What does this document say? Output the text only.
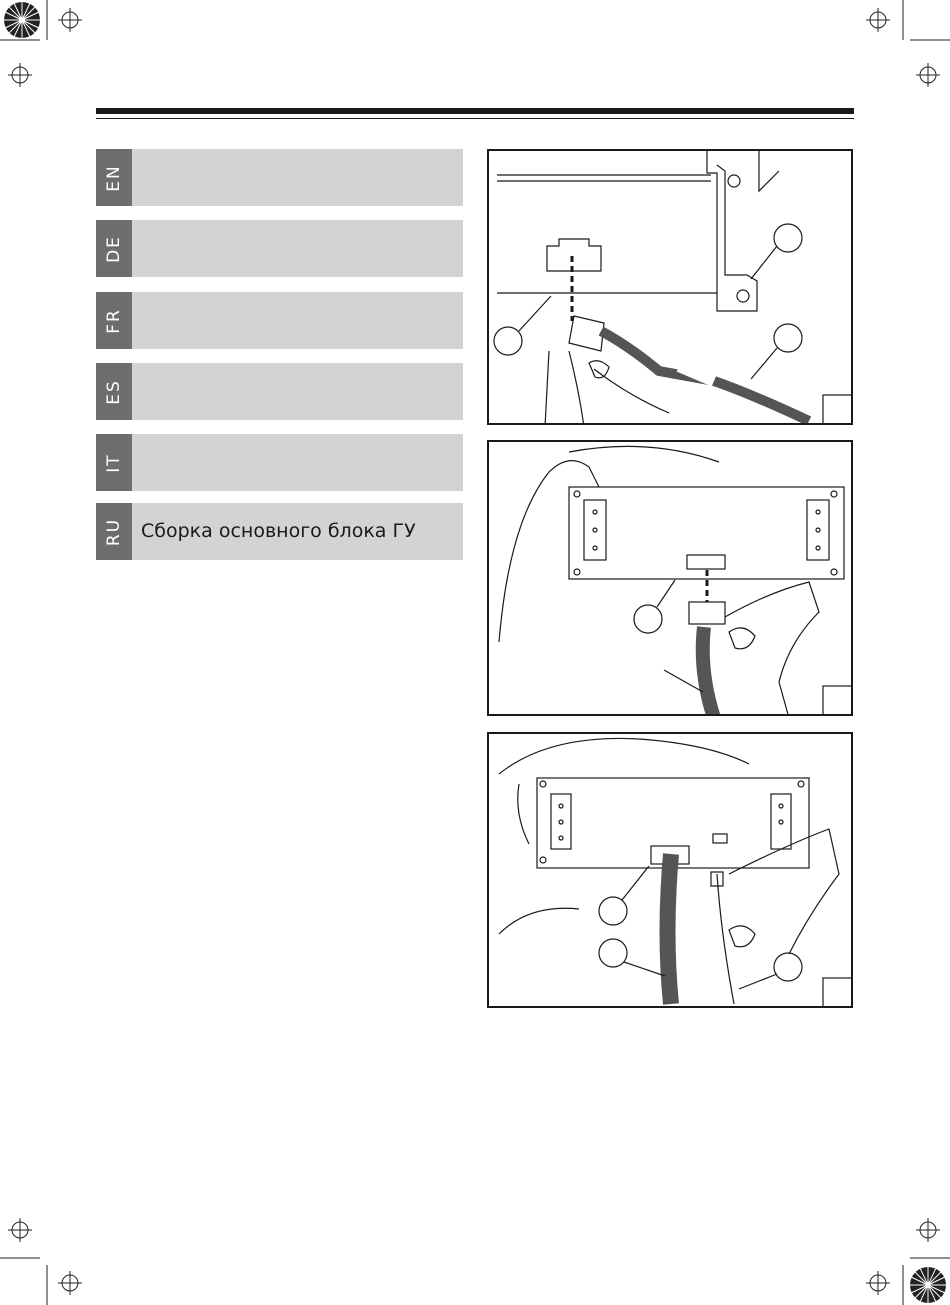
EN
DE
FR
ES
IT
RU Сборка основного блока ГУ
